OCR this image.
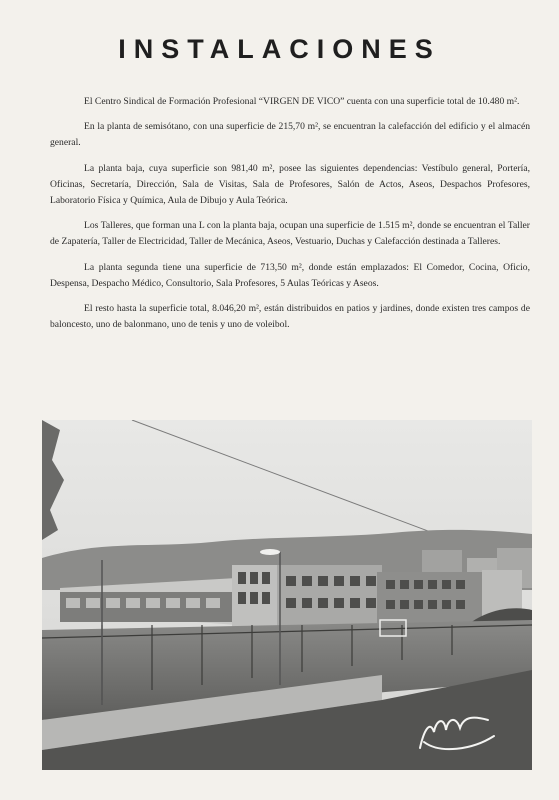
INSTALACIONES

El Centro Sindical de Formación Profesional “VIRGEN DE VICO” cuenta con una superficie total de 10.480 m².

En la planta de semisótano, con una superficie de 215,70 m², se encuentran la calefacción del edificio y el almacén general.

La planta baja, cuya superficie son 981,40 m², posee las siguientes dependencias: Vestíbulo general, Portería, Oficinas, Secretaría, Dirección, Sala de Visitas, Sala de Profesores, Salón de Actos, Aseos, Despachos Profesores, Laboratorio Física y Química, Aula de Dibujo y Aula Teórica.

Los Talleres, que forman una L con la planta baja, ocupan una superficie de 1.515 m², donde se encuentran el Taller de Zapatería, Taller de Electricidad, Taller de Mecánica, Aseos, Vestuario, Duchas y Calefacción destinada a Talleres.

La planta segunda tiene una superficie de 713,50 m², donde están emplazados: El Comedor, Cocina, Oficio, Despensa, Despacho Médico, Consultorio, Sala Profesores, 5 Aulas Teóricas y Aseos.

El resto hasta la superficie total, 8.046,20 m², están distribuidos en patios y jardines, donde existen tres campos de baloncesto, uno de balonmano, uno de tenis y uno de voleibol.
